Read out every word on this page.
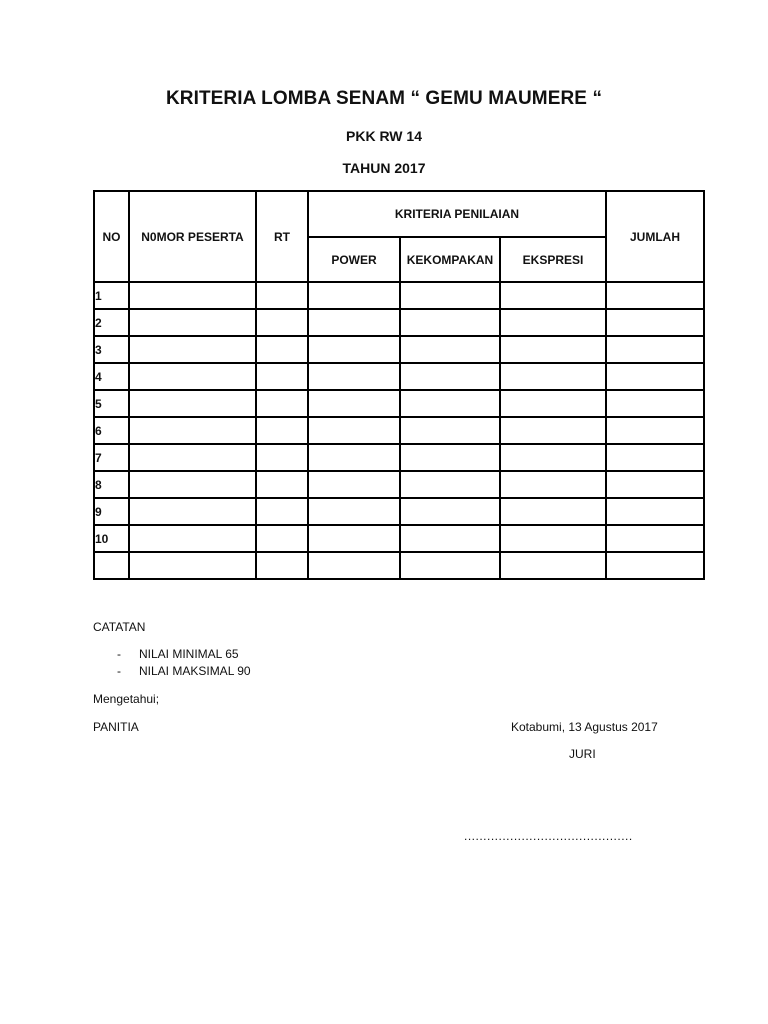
KRITERIA LOMBA SENAM “ GEMU MAUMERE “
PKK RW 14
TAHUN 2017
NO	N0MOR PESERTA	RT	KRITERIA PENILAIAN			JUMLAH
			POWER	KEKOMPAKAN	EKSPRESI	
1						
2						
3						
4						
5						
6						
7						
8						
9						
10						

CATATAN
- NILAI MINIMAL 65
- NILAI MAKSIMAL 90
Mengetahui;
PANITIA	Kotabumi, 13 Agustus 2017
JURI
............................................
